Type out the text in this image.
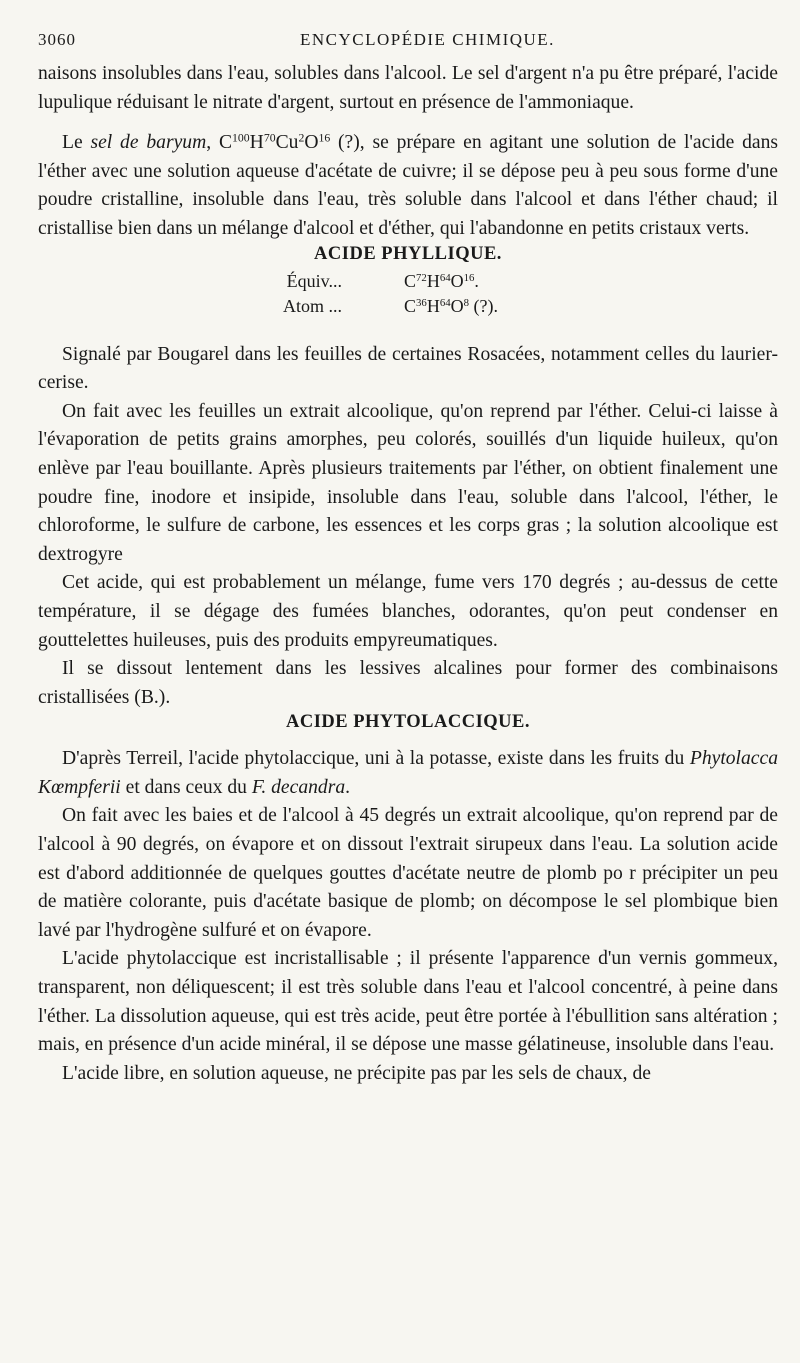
3060	ENCYCLOPÉDIE CHIMIQUE.

naisons insolubles dans l'eau, solubles dans l'alcool. Le sel d'argent n'a pu être préparé, l'acide lupulique réduisant le nitrate d'argent, surtout en présence de l'ammoniaque.

Le sel de baryum, $C^{100}H^{70}Cu^2O^{16}$ (?), se prépare en agitant une solution de l'acide dans l'éther avec une solution aqueuse d'acétate de cuivre; il se dépose peu à peu sous forme d'une poudre cristalline, insoluble dans l'eau, très soluble dans l'alcool et dans l'éther chaud; il cristallise bien dans un mélange d'alcool et d'éther, qui l'abandonne en petits cristaux verts.

ACIDE PHYLLIQUE.
Équiv...	$C^{72}H^{64}O^{16}$.
Atom ...	$C^{36}H^{64}O^8$ (?).

Signalé par Bougarel dans les feuilles de certaines Rosacées, notamment celles du laurier-cerise.

On fait avec les feuilles un extrait alcoolique, qu'on reprend par l'éther. Celui-ci laisse à l'évaporation de petits grains amorphes, peu colorés, souillés d'un liquide huileux, qu'on enlève par l'eau bouillante. Après plusieurs traitements par l'éther, on obtient finalement une poudre fine, inodore et insipide, insoluble dans l'eau, soluble dans l'alcool, l'éther, le chloroforme, le sulfure de carbone, les essences et les corps gras ; la solution alcoolique est dextrogyre

Cet acide, qui est probablement un mélange, fume vers 170 degrés ; au-dessus de cette température, il se dégage des fumées blanches, odorantes, qu'on peut condenser en gouttelettes huileuses, puis des produits empyreumatiques.

Il se dissout lentement dans les lessives alcalines pour former des combinaisons cristallisées (B.).

ACIDE PHYTOLACCIQUE.

D'après Terreil, l'acide phytolaccique, uni à la potasse, existe dans les fruits du Phytolacca Kœmpferii et dans ceux du F. decandra.

On fait avec les baies et de l'alcool à 45 degrés un extrait alcoolique, qu'on reprend par de l'alcool à 90 degrés, on évapore et on dissout l'extrait sirupeux dans l'eau. La solution acide est d'abord additionnée de quelques gouttes d'acétate neutre de plomb po r précipiter un peu de matière colorante, puis d'acétate basique de plomb; on décompose le sel plombique bien lavé par l'hydrogène sulfuré et on évapore.

L'acide phytolaccique est incristallisable ; il présente l'apparence d'un vernis gommeux, transparent, non déliquescent; il est très soluble dans l'eau et l'alcool concentré, à peine dans l'éther. La dissolution aqueuse, qui est très acide, peut être portée à l'ébullition sans altération ; mais, en présence d'un acide minéral, il se dépose une masse gélatineuse, insoluble dans l'eau.

L'acide libre, en solution aqueuse, ne précipite pas par les sels de chaux, de
